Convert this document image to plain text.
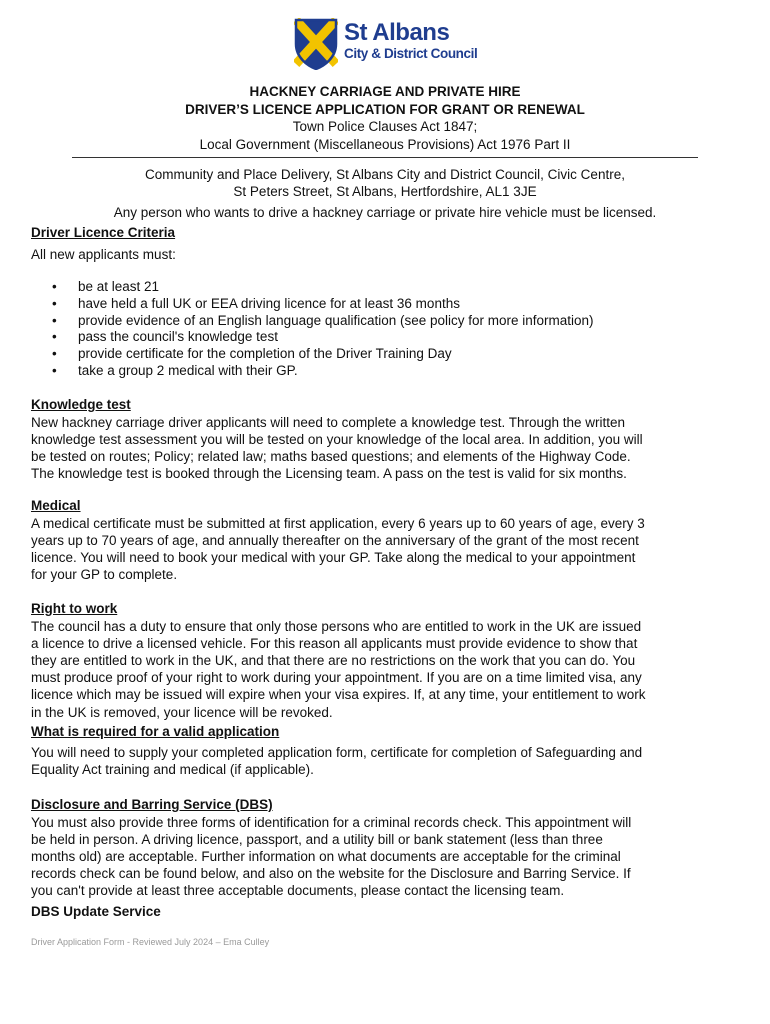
St Albans
City & District Council
HACKNEY CARRIAGE AND PRIVATE HIRE
DRIVER’S LICENCE APPLICATION FOR GRANT OR RENEWAL
Town Police Clauses Act 1847;
Local Government (Miscellaneous Provisions) Act 1976 Part II
Community and Place Delivery, St Albans City and District Council, Civic Centre,
St Peters Street, St Albans, Hertfordshire, AL1 3JE
Any person who wants to drive a hackney carriage or private hire vehicle must be licensed.
Driver Licence Criteria
All new applicants must:
• be at least 21
• have held a full UK or EEA driving licence for at least 36 months
• provide evidence of an English language qualification (see policy for more information)
• pass the council's knowledge test
• provide certificate for the completion of the Driver Training Day
• take a group 2 medical with their GP.
Knowledge test

New hackney carriage driver applicants will need to complete a knowledge test. Through the written

knowledge test assessment you will be tested on your knowledge of the local area. In addition, you will

be tested on routes; Policy; related law; maths based questions; and elements of the Highway Code.

The knowledge test is booked through the Licensing team. A pass on the test is valid for six months.

Medical

A medical certificate must be submitted at first application, every 6 years up to 60 years of age, every 3

years up to 70 years of age, and annually thereafter on the anniversary of the grant of the most recent

licence. You will need to book your medical with your GP. Take along the medical to your appointment

for your GP to complete.

Right to work

The council has a duty to ensure that only those persons who are entitled to work in the UK are issued

a licence to drive a licensed vehicle. For this reason all applicants must provide evidence to show that

they are entitled to work in the UK, and that there are no restrictions on the work that you can do. You

must produce proof of your right to work during your appointment. If you are on a time limited visa, any

licence which may be issued will expire when your visa expires. If, at any time, your entitlement to work

in the UK is removed, your licence will be revoked.

What is required for a valid application

You will need to supply your completed application form, certificate for completion of Safeguarding and

Equality Act training and medical (if applicable).

Disclosure and Barring Service (DBS)

You must also provide three forms of identification for a criminal records check. This appointment will

be held in person. A driving licence, passport, and a utility bill or bank statement (less than three

months old) are acceptable. Further information on what documents are acceptable for the criminal

records check can be found below, and also on the website for the Disclosure and Barring Service. If

you can't provide at least three acceptable documents, please contact the licensing team.

DBS Update Service
Driver Application Form - Reviewed July 2024 – Ema Culley
